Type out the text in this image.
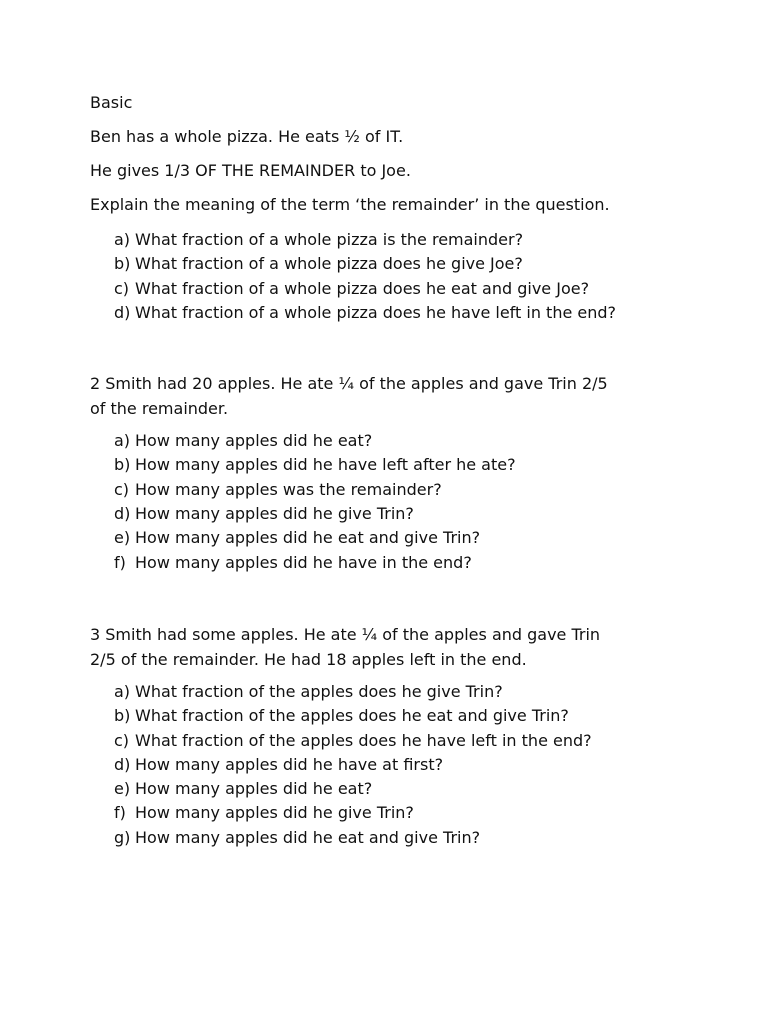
Basic

Ben has a whole pizza. He eats ½ of IT.

He gives 1/3 OF THE REMAINDER to Joe.

Explain the meaning of the term ‘the remainder’ in the question.

a) What fraction of a whole pizza is the remainder?
b) What fraction of a whole pizza does he give Joe?
c) What fraction of a whole pizza does he eat and give Joe?
d) What fraction of a whole pizza does he have left in the end?

2 Smith had 20 apples. He ate ¼ of the apples and gave Trin 2/5
of the remainder.

a) How many apples did he eat?
b) How many apples did he have left after he ate?
c) How many apples was the remainder?
d) How many apples did he give Trin?
e) How many apples did he eat and give Trin?
f) How many apples did he have in the end?

3 Smith had some apples. He ate ¼ of the apples and gave Trin
2/5 of the remainder. He had 18 apples left in the end.

a) What fraction of the apples does he give Trin?
b) What fraction of the apples does he eat and give Trin?
c) What fraction of the apples does he have left in the end?
d) How many apples did he have at first?
e) How many apples did he eat?
f) How many apples did he give Trin?
g) How many apples did he eat and give Trin?
